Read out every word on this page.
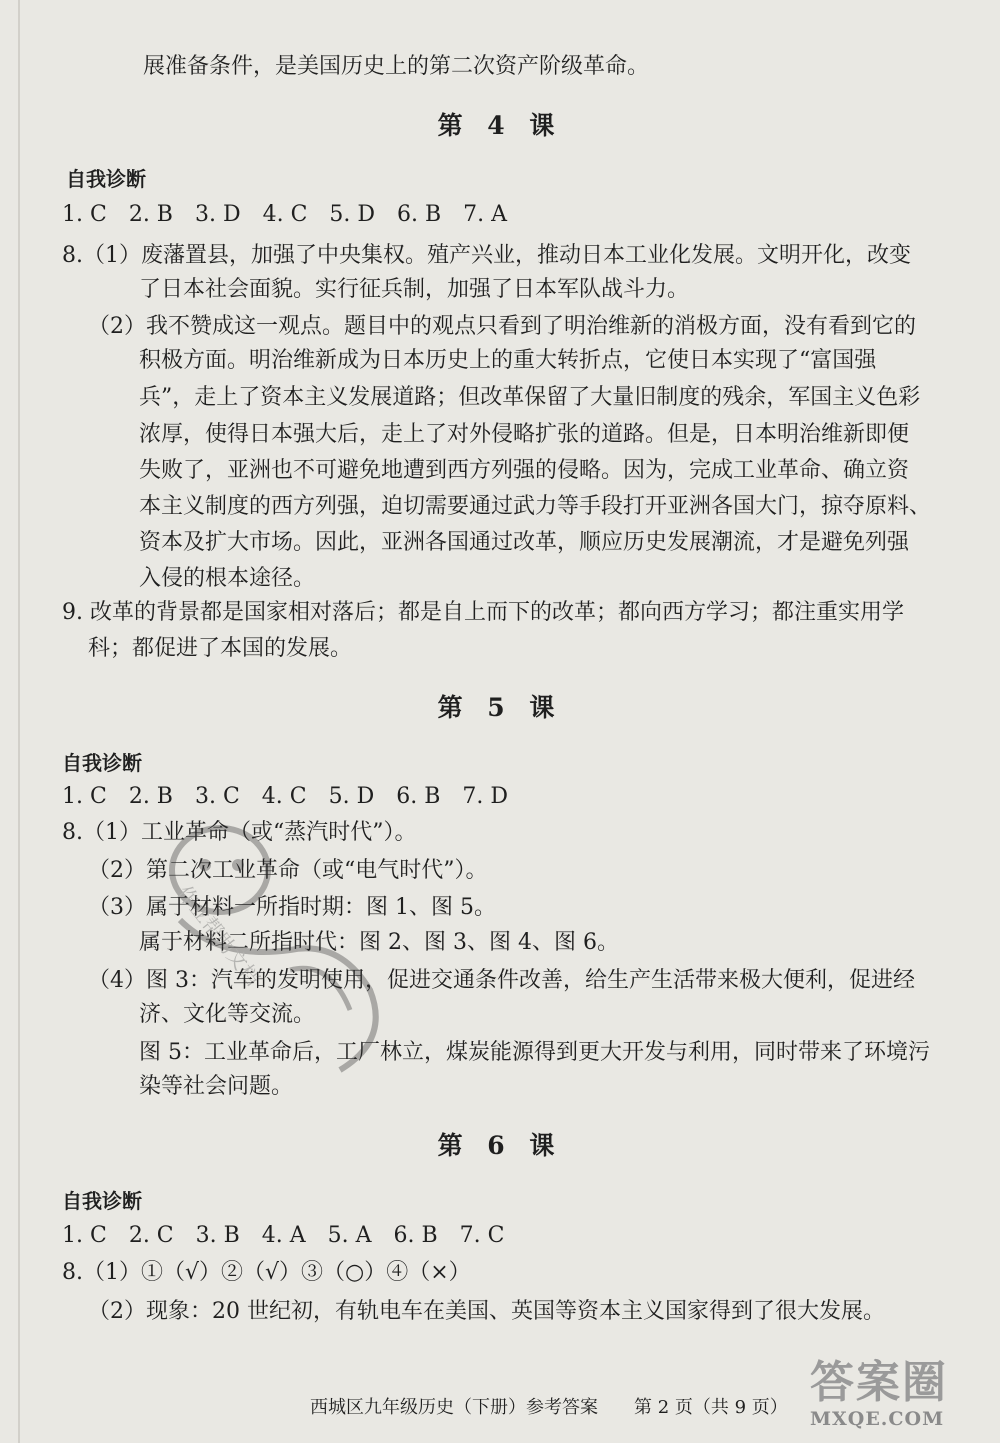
展准备条件，是美国历史上的第二次资产阶级革命。
第 4 课
自我诊断
1. C　2. B　3. D　4. C　5. D　6. B　7. A
8.（1）废藩置县，加强了中央集权。殖产兴业，推动日本工业化发展。文明开化，改变
了日本社会面貌。实行征兵制，加强了日本军队战斗力。
（2）我不赞成这一观点。题目中的观点只看到了明治维新的消极方面，没有看到它的
积极方面。明治维新成为日本历史上的重大转折点，它使日本实现了“富国强
兵”，走上了资本主义发展道路；但改革保留了大量旧制度的残余，军国主义色彩
浓厚，使得日本强大后，走上了对外侵略扩张的道路。但是，日本明治维新即便
失败了，亚洲也不可避免地遭到西方列强的侵略。因为，完成工业革命、确立资
本主义制度的西方列强，迫切需要通过武力等手段打开亚洲各国大门，掠夺原料、
资本及扩大市场。因此，亚洲各国通过改革，顺应历史发展潮流，才是避免列强
入侵的根本途径。
9. 改革的背景都是国家相对落后；都是自上而下的改革；都向西方学习；都注重实用学
科；都促进了本国的发展。
第 5 课
自我诊断
1. C　2. B　3. C　4. C　5. D　6. B　7. D
8.（1）工业革命（或“蒸汽时代”）。
（2）第二次工业革命（或“电气时代”）。
（3）属于材料一所指时期：图 1、图 5。
属于材料二所指时代：图 2、图 3、图 4、图 6。
（4）图 3：汽车的发明使用，促进交通条件改善，给生产生活带来极大便利，促进经
济、文化等交流。
图 5：工业革命后，工厂林立，煤炭能源得到更大开发与利用，同时带来了环境污
染等社会问题。
第 6 课
自我诊断
1. C　2. C　3. B　4. A　5. A　6. B　7. C
8.（1）①（√）②（√）③（○）④（×）
（2）现象：20 世纪初，有轨电车在美国、英国等资本主义国家得到了很大发展。
西城区九年级历史（下册）参考答案　　第 2 页（共 9 页）
作业帮助文档
答案圈
MXQE.COM
